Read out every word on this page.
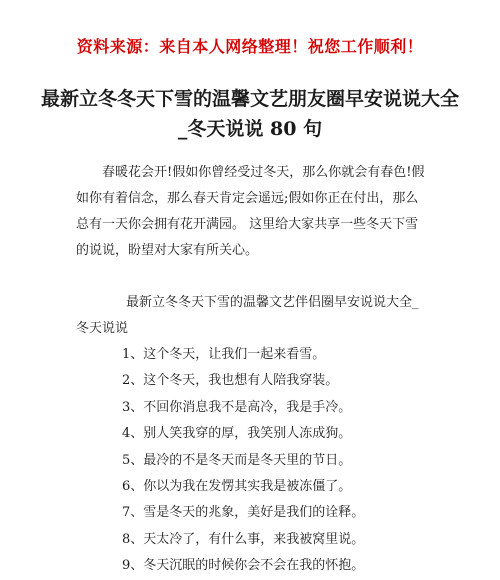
资料来源：来自本人网络整理！祝您工作顺利！
最新立冬冬天下雪的温馨文艺朋友圈早安说说大全_冬天说说 80 句

春暖花会开!假如你曾经受过冬天，那么你就会有春色!假如你有着信念，那么春天肯定会遥远;假如你正在付出，那么总有一天你会拥有花开满园。 这里给大家共享一些冬天下雪的说说，盼望对大家有所关心。

最新立冬冬天下雪的温馨文艺伴侣圈早安说说大全_冬天说说

1、这个冬天，让我们一起来看雪。
2、这个冬天，我也想有人陪我穿装。
3、不回你消息我不是高冷，我是手冷。
4、别人笑我穿的厚，我笑别人冻成狗。
5、最冷的不是冬天而是冬天里的节日。
6、你以为我在发愣其实我是被冻僵了。
7、雪是冬天的兆象，美好是我们的诠释。
8、天太冷了，有什么事，来我被窝里说。
9、冬天沉眠的时候你会不会在我的怀抱。
